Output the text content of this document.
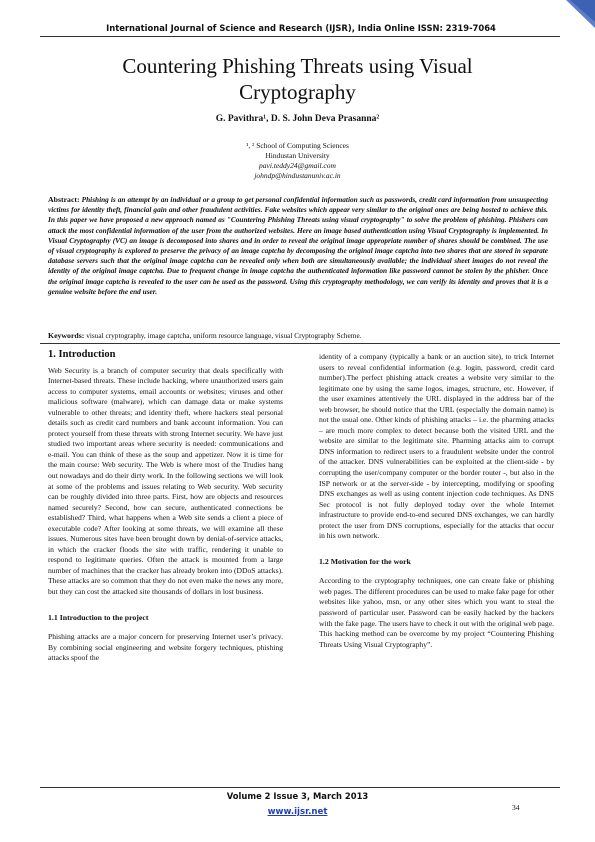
International Journal of Science and Research (IJSR), India Online ISSN: 2319-7064
Countering Phishing Threats using Visual Cryptography
G. Pavithra¹, D. S. John Deva Prasanna²
¹, ² School of Computing Sciences
Hindustan University
pavi.teddy24@gmail.com
johndp@hindustanuniv.ac.in
Abstract: Phishing is an attempt by an individual or a group to get personal confidential information such as passwords, credit card information from unsuspecting victims for identity theft, financial gain and other fraudulent activities. Fake websites which appear very similar to the original ones are being hosted to achieve this. In this paper we have proposed a new approach named as "Countering Phishing Threats using visual cryptography" to solve the problem of phishing. Phishers can attack the most confidential information of the user from the authorized websites. Here an image based authentication using Visual Cryptography is implemented. In Visual Cryptography (VC) an image is decomposed into shares and in order to reveal the original image appropriate number of shares should be combined. The use of visual cryptography is explored to preserve the privacy of an image captcha by decomposing the original image captcha into two shares that are stored in separate database servers such that the original image captcha can be revealed only when both are simultaneously available; the individual sheet images do not reveal the identity of the original image captcha. Due to frequent change in image captcha the authenticated information like password cannot be stolen by the phisher. Once the original image captcha is revealed to the user can be used as the password. Using this cryptography methodology, we can verify its identity and proves that it is a genuine website before the end user.
Keywords: visual cryptography, image captcha, uniform resource language, visual Cryptography Scheme.
1. Introduction

Web Security is a branch of computer security that deals specifically with Internet-based threats. These include hacking, where unauthorized users gain access to computer systems, email accounts or websites; viruses and other malicious software (malware), which can damage data or make systems vulnerable to other threats; and identity theft, where hackers steal personal details such as credit card numbers and bank account information. You can protect yourself from these threats with strong Internet security. We have just studied two important areas where security is needed: communications and e-mail. You can think of these as the soup and appetizer. Now it is time for the main course: Web security. The Web is where most of the Trudies hang out nowadays and do their dirty work. In the following sections we will look at some of the problems and issues relating to Web security. Web security can be roughly divided into three parts. First, how are objects and resources named securely? Second, how can secure, authenticated connections be established? Third, what happens when a Web site sends a client a piece of executable code? After looking at some threats, we will examine all these issues. Numerous sites have been brought down by denial-of-service attacks, in which the cracker floods the site with traffic, rendering it unable to respond to legitimate queries. Often the attack is mounted from a large number of machines that the cracker has already broken into (DDoS attacks). These attacks are so common that they do not even make the news any more, but they can cost the attacked site thousands of dollars in lost business.

1.1 Introduction to the project

Phishing attacks are a major concern for preserving Internet user’s privacy. By combining social engineering and website forgery techniques, phishing attacks spoof the

identity of a company (typically a bank or an auction site), to trick Internet users to reveal confidential information (e.g. login, password, credit card number).The perfect phishing attack creates a website very similar to the legitimate one by using the same logos, images, structure, etc. However, if the user examines attentively the URL displayed in the address bar of the web browser, he should notice that the URL (especially the domain name) is not the usual one. Other kinds of phishing attacks – i.e. the pharming attacks – are much more complex to detect because both the visited URL and the website are similar to the legitimate site. Pharming attacks aim to corrupt DNS information to redirect users to a fraudulent website under the control of the attacker. DNS vulnerabilities can be exploited at the client-side - by corrupting the user/company computer or the border router -, but also in the ISP network or at the server-side - by intercepting, modifying or spoofing DNS exchanges as well as using content injection code techniques. As DNS Sec protocol is not fully deployed today over the whole Internet infrastructure to provide end-to-end secured DNS exchanges, we can hardly protect the user from DNS corruptions, especially for the attacks that occur in his own network.

1.2 Motivation for the work

According to the cryptography techniques, one can create fake or phishing web pages. The different procedures can be used to make fake page for other websites like yahoo, msn, or any other sites which you want to steal the password of particular user. Password can be easily hacked by the hackers with the fake page. The users have to check it out with the original web page. This hacking method can be overcome by my project “Countering Phishing Threats Using Visual Cryptography”.

Volume 2 Issue 3, March 2013
www.ijsr.net	34
